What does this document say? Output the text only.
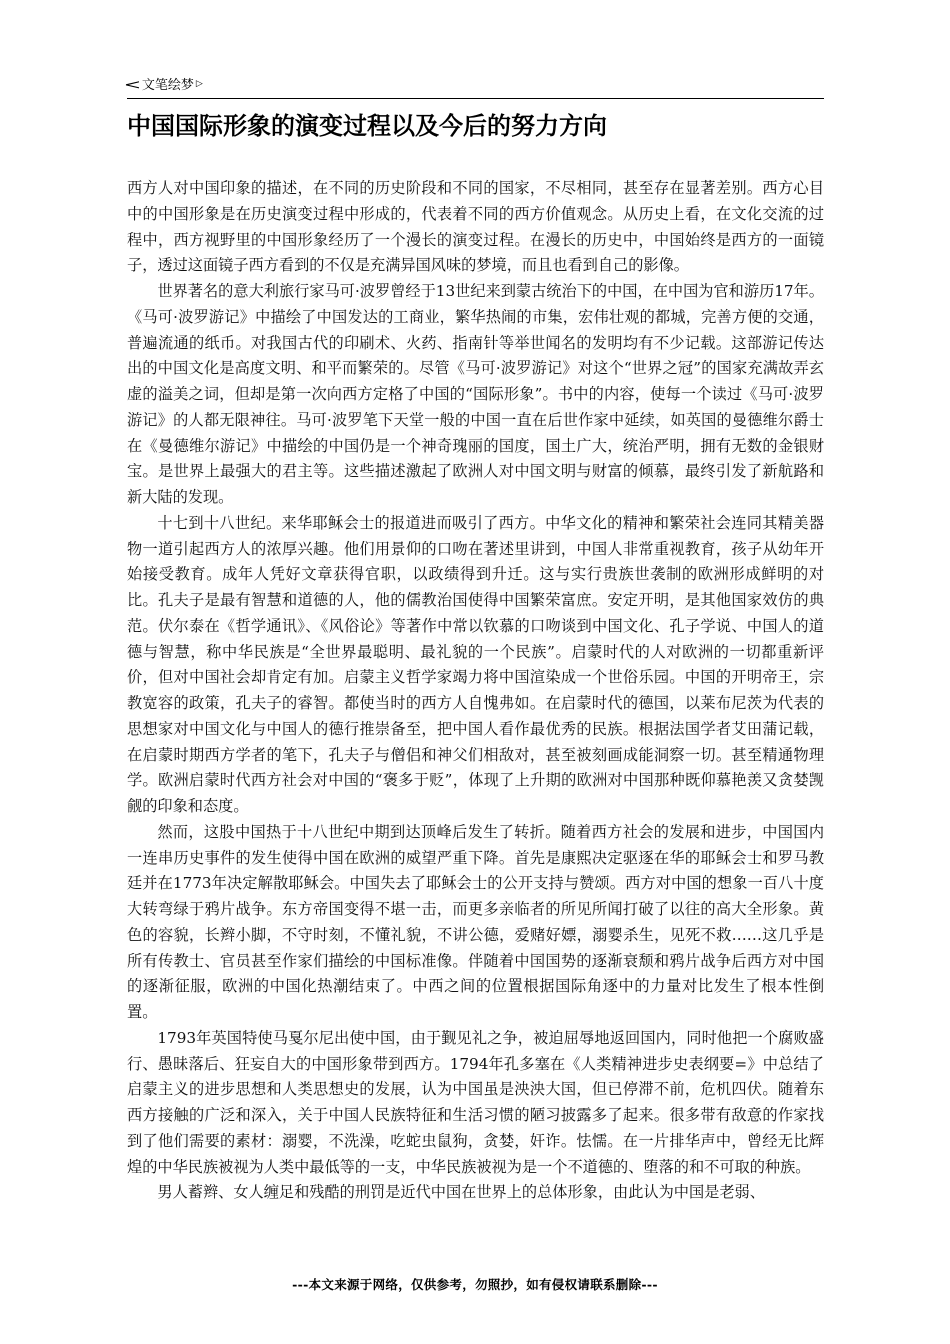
<文笔绘梦 ▷
中国国际形象的演变过程以及今后的努力方向

西方人对中国印象的描述，在不同的历史阶段和不同的国家，不尽相同，甚至存在显著差别。西方心目中的中国形象是在历史演变过程中形成的，代表着不同的西方价值观念。从历史上看，在文化交流的过程中，西方视野里的中国形象经历了一个漫长的演变过程。在漫长的历史中，中国始终是西方的一面镜子，透过这面镜子西方看到的不仅是充满异国风味的梦境，而且也看到自己的影像。

世界著名的意大利旅行家马可·波罗曾经于13世纪来到蒙古统治下的中国，在中国为官和游历17年。《马可·波罗游记》中描绘了中国发达的工商业，繁华热闹的市集，宏伟壮观的都城，完善方便的交通，普遍流通的纸币。对我国古代的印刷术、火药、指南针等举世闻名的发明均有不少记载。这部游记传达出的中国文化是高度文明、和平而繁荣的。尽管《马可·波罗游记》对这个“世界之冠”的国家充满故弄玄虚的溢美之词，但却是第一次向西方定格了中国的“国际形象”。书中的内容，使每一个读过《马可·波罗游记》的人都无限神往。马可·波罗笔下天堂一般的中国一直在后世作家中延续，如英国的曼德维尔爵士在《曼德维尔游记》中描绘的中国仍是一个神奇瑰丽的国度，国土广大，统治严明，拥有无数的金银财宝。是世界上最强大的君主等。这些描述激起了欧洲人对中国文明与财富的倾慕，最终引发了新航路和新大陆的发现。

十七到十八世纪。来华耶稣会士的报道进而吸引了西方。中华文化的精神和繁荣社会连同其精美器物一道引起西方人的浓厚兴趣。他们用景仰的口吻在著述里讲到，中国人非常重视教育，孩子从幼年开始接受教育。成年人凭好文章获得官职，以政绩得到升迁。这与实行贵族世袭制的欧洲形成鲜明的对比。孔夫子是最有智慧和道德的人，他的儒教治国使得中国繁荣富庶。安定开明，是其他国家效仿的典范。伏尔泰在《哲学通讯》、《风俗论》等著作中常以钦慕的口吻谈到中国文化、孔子学说、中国人的道德与智慧，称中华民族是“全世界最聪明、最礼貌的一个民族”。启蒙时代的人对欧洲的一切都重新评价，但对中国社会却肯定有加。启蒙主义哲学家竭力将中国渲染成一个世俗乐园。中国的开明帝王，宗教宽容的政策，孔夫子的睿智。都使当时的西方人自愧弗如。在启蒙时代的德国，以莱布尼茨为代表的思想家对中国文化与中国人的德行推崇备至，把中国人看作最优秀的民族。根据法国学者艾田蒲记载，在启蒙时期西方学者的笔下，孔夫子与僧侣和神父们相敌对，甚至被刻画成能洞察一切。甚至精通物理学。欧洲启蒙时代西方社会对中国的“褒多于贬”，体现了上升期的欧洲对中国那种既仰慕艳羡又贪婪觊觎的印象和态度。

然而，这股中国热于十八世纪中期到达顶峰后发生了转折。随着西方社会的发展和进步，中国国内一连串历史事件的发生使得中国在欧洲的威望严重下降。首先是康熙决定驱逐在华的耶稣会士和罗马教廷并在1773年决定解散耶稣会。中国失去了耶稣会士的公开支持与赞颂。西方对中国的想象一百八十度大转弯绿于鸦片战争。东方帝国变得不堪一击，而更多亲临者的所见所闻打破了以往的高大全形象。黄色的容貌，长辫小脚，不守时刻，不懂礼貌，不讲公德，爱赌好嫖，溺婴杀生，见死不救……这几乎是所有传教士、官员甚至作家们描绘的中国标准像。伴随着中国国势的逐渐衰颓和鸦片战争后西方对中国的逐渐征服，欧洲的中国化热潮结束了。中西之间的位置根据国际角逐中的力量对比发生了根本性倒置。

1793年英国特使马戛尔尼出使中国，由于觐见礼之争，被迫屈辱地返回国内，同时他把一个腐败盛行、愚昧落后、狂妄自大的中国形象带到西方。1794年孔多塞在《人类精神进步史表纲要=》中总结了启蒙主义的进步思想和人类思想史的发展，认为中国虽是泱泱大国，但已停滞不前，危机四伏。随着东西方接触的广泛和深入，关于中国人民族特征和生活习惯的陋习披露多了起来。很多带有敌意的作家找到了他们需要的素材：溺婴，不洗澡，吃蛇虫鼠狗，贪婪，奸诈。怯懦。在一片排华声中，曾经无比辉煌的中华民族被视为人类中最低等的一支，中华民族被视为是一个不道德的、堕落的和不可取的种族。

男人蓄辫、女人缠足和残酷的刑罚是近代中国在世界上的总体形象，由此认为中国是老弱、

---本文来源于网络，仅供参考，勿照抄，如有侵权请联系删除---
